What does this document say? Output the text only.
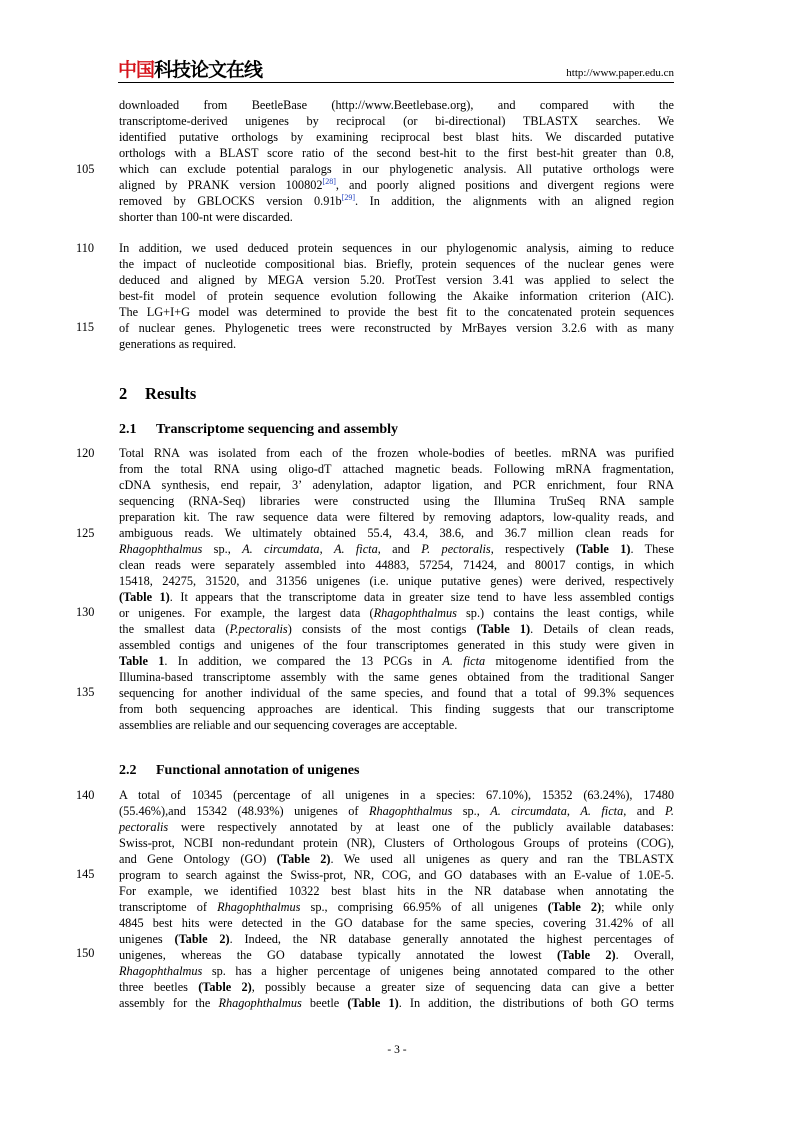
中国科技论文在线	http://www.paper.edu.cn
105
110
115
120
125
130
135
140
145
150
downloaded from BeetleBase (http://www.Beetlebase.org), and compared with the
transcriptome-derived unigenes by reciprocal (or bi-directional) TBLASTX searches. We
identified putative orthologs by examining reciprocal best blast hits. We discarded putative
orthologs with a BLAST score ratio of the second best-hit to the first best-hit greater than 0.8,
which can exclude potential paralogs in our phylogenetic analysis. All putative orthologs were
aligned by PRANK version 100802[28], and poorly aligned positions and divergent regions were
removed by GBLOCKS version 0.91b[29]. In addition, the alignments with an aligned region
shorter than 100-nt were discarded.
In addition, we used deduced protein sequences in our phylogenomic analysis, aiming to reduce
the impact of nucleotide compositional bias. Briefly, protein sequences of the nuclear genes were
deduced and aligned by MEGA version 5.20. ProtTest version 3.41 was applied to select the
best-fit model of protein sequence evolution following the Akaike information criterion (AIC).
The LG+I+G model was determined to provide the best fit to the concatenated protein sequences
of nuclear genes. Phylogenetic trees were reconstructed by MrBayes version 3.2.6 with as many
generations as required.
2 Results
2.1 Transcriptome sequencing and assembly
Total RNA was isolated from each of the frozen whole-bodies of beetles. mRNA was purified
from the total RNA using oligo-dT attached magnetic beads. Following mRNA fragmentation,
cDNA synthesis, end repair, 3’ adenylation, adaptor ligation, and PCR enrichment, four RNA
sequencing (RNA-Seq) libraries were constructed using the Illumina TruSeq RNA sample
preparation kit. The raw sequence data were filtered by removing adaptors, low-quality reads, and
ambiguous reads. We ultimately obtained 55.4, 43.4, 38.6, and 36.7 million clean reads for
Rhagophthalmus sp., A. circumdata, A. ficta, and P. pectoralis, respectively (Table 1). These
clean reads were separately assembled into 44883, 57254, 71424, and 80017 contigs, in which
15418, 24275, 31520, and 31356 unigenes (i.e. unique putative genes) were derived, respectively
(Table 1). It appears that the transcriptome data in greater size tend to have less assembled contigs
or unigenes. For example, the largest data (Rhagophthalmus sp.) contains the least contigs, while
the smallest data (P.pectoralis) consists of the most contigs (Table 1). Details of clean reads,
assembled contigs and unigenes of the four transcriptomes generated in this study were given in
Table 1. In addition, we compared the 13 PCGs in A. ficta mitogenome identified from the
Illumina-based transcriptome assembly with the same genes obtained from the traditional Sanger
sequencing for another individual of the same species, and found that a total of 99.3% sequences
from both sequencing approaches are identical. This finding suggests that our transcriptome
assemblies are reliable and our sequencing coverages are acceptable.
2.2 Functional annotation of unigenes
A total of 10345 (percentage of all unigenes in a species: 67.10%), 15352 (63.24%), 17480
(55.46%),and 15342 (48.93%) unigenes of Rhagophthalmus sp., A. circumdata, A. ficta, and P.
pectoralis were respectively annotated by at least one of the publicly available databases:
Swiss-prot, NCBI non-redundant protein (NR), Clusters of Orthologous Groups of proteins (COG),
and Gene Ontology (GO) (Table 2). We used all unigenes as query and ran the TBLASTX
program to search against the Swiss-prot, NR, COG, and GO databases with an E-value of 1.0E-5.
For example, we identified 10322 best blast hits in the NR database when annotating the
transcriptome of Rhagophthalmus sp., comprising 66.95% of all unigenes (Table 2); while only
4845 best hits were detected in the GO database for the same species, covering 31.42% of all
unigenes (Table 2). Indeed, the NR database generally annotated the highest percentages of
unigenes, whereas the GO database typically annotated the lowest (Table 2). Overall,
Rhagophthalmus sp. has a higher percentage of unigenes being annotated compared to the other
three beetles (Table 2), possibly because a greater size of sequencing data can give a better
assembly for the Rhagophthalmus beetle (Table 1). In addition, the distributions of both GO terms
- 3 -
